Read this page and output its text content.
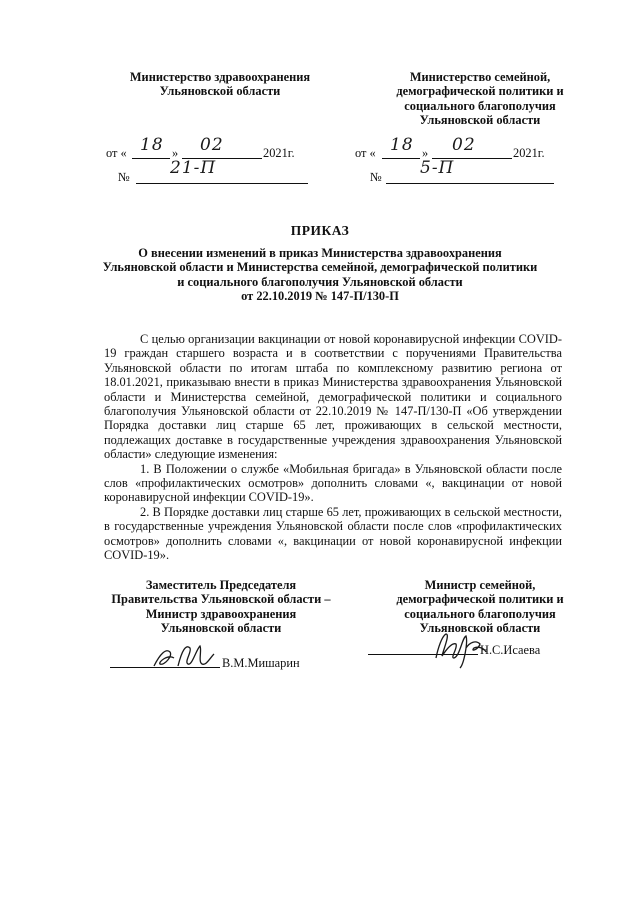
Министерство здравоохранения
Ульяновской области
Министерство семейной,
демографической политики и
социального благополучия
Ульяновской области
от « 18 » 02	2021г.
№ 21-П
от « 18 » 02	2021г.
№ 5-П
ПРИКАЗ
О внесении изменений в приказ Министерства здравоохранения
Ульяновской области и Министерства семейной, демографической политики
и социального благополучия Ульяновской области
от 22.10.2019 № 147-П/130-П

С целью организации вакцинации от новой коронавирусной инфекции COVID-19 граждан старшего возраста и в соответствии с поручениями Правительства Ульяновской области по итогам штаба по комплексному развитию региона от 18.01.2021, приказываю внести в приказ Министерства здравоохранения Ульяновской области и Министерства семейной, демографической политики и социального благополучия Ульяновской области от 22.10.2019 № 147-П/130-П «Об утверждении Порядка доставки лиц старше 65 лет, проживающих в сельской местности, подлежащих доставке в государственные учреждения здравоохранения Ульяновской области» следующие изменения:

1. В Положении о службе «Мобильная бригада» в Ульяновской области после слов «профилактических осмотров» дополнить словами «, вакцинации от новой коронавирусной инфекции COVID-19».

2. В Порядке доставки лиц старше 65 лет, проживающих в сельской местности, в государственные учреждения Ульяновской области после слов «профилактических осмотров» дополнить словами «, вакцинации от новой коронавирусной инфекции COVID-19».

Заместитель Председателя
Правительства Ульяновской области –
Министр здравоохранения
Ульяновской области
В.М.Мишарин
Министр семейной,
демографической политики и
социального благополучия
Ульяновской области
Н.С.Исаева
